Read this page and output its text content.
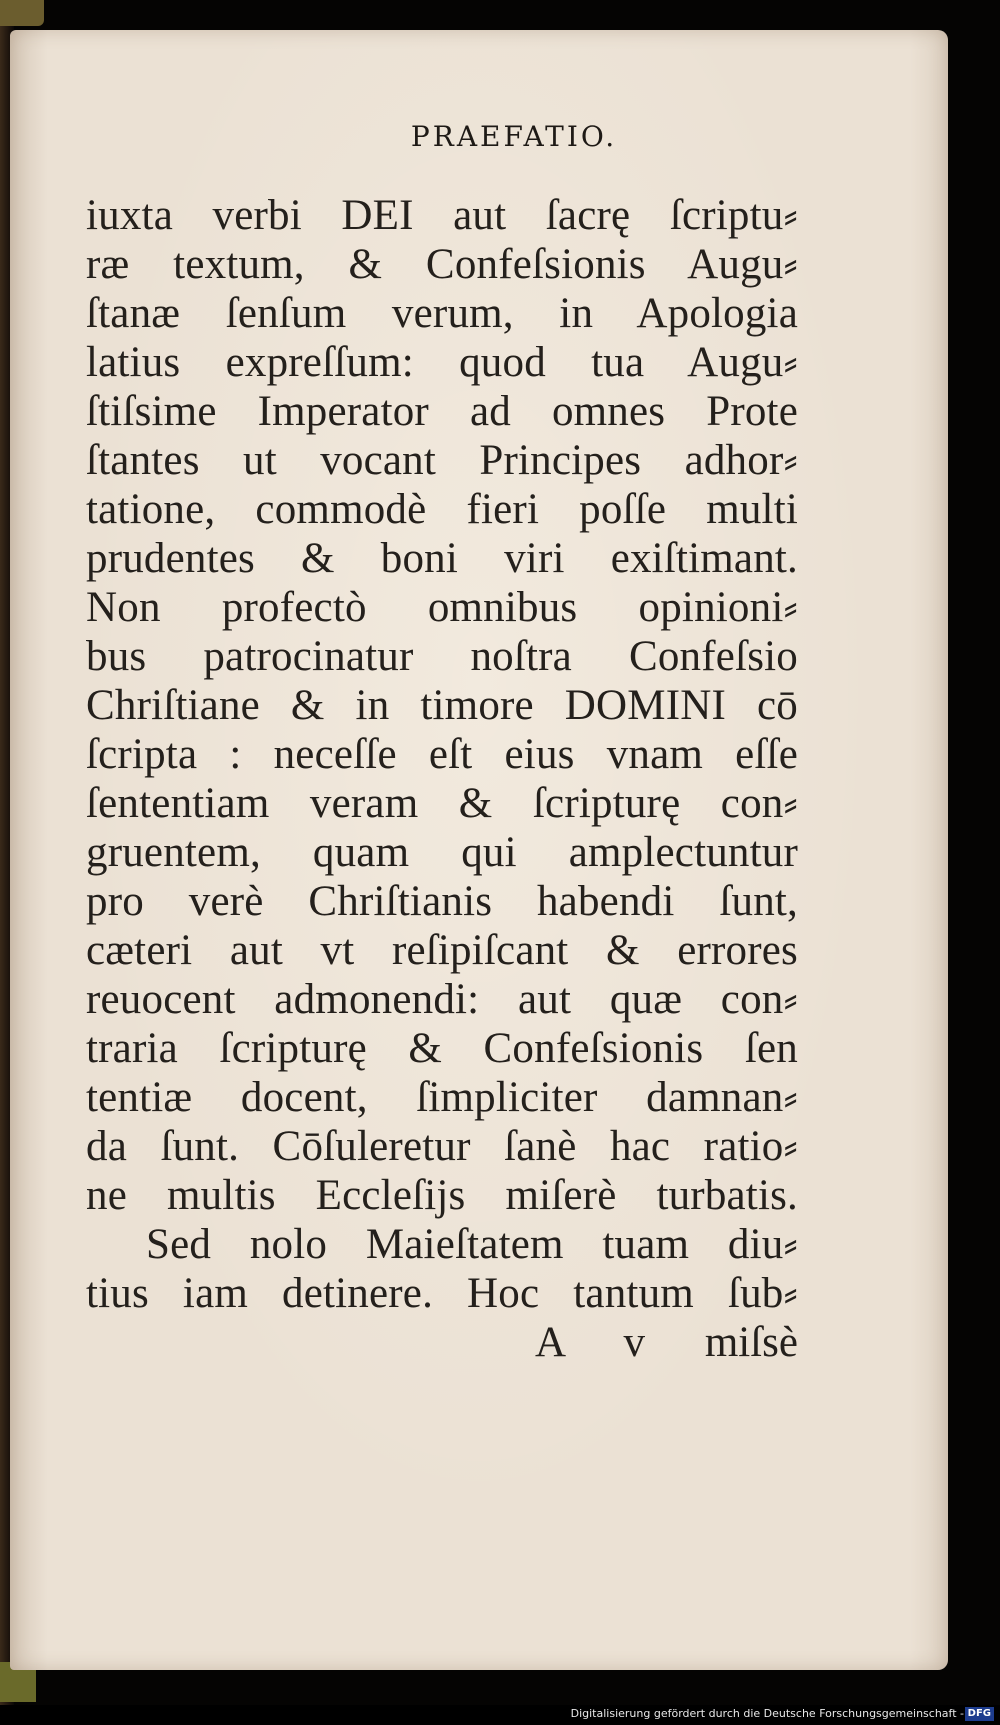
PRAEFATIO.
iuxta verbi DEI aut ſacrę ſcriptu⸗
ræ textum, & Confeſsionis Augu⸗
ſtanæ ſenſum verum, in Apologia
latius expreſſum: quod tua Augu⸗
ſtiſsime Imperator ad omnes Prote
ſtantes ut vocant Principes adhor⸗
tatione, commodè fieri poſſe multi
prudentes & boni viri exiſtimant.
Non profectò omnibus opinioni⸗
bus patrocinatur noſtra Confeſsio
Chriſtiane & in timore DOMINI cō
ſcripta : neceſſe eſt eius vnam eſſe
ſententiam veram & ſcripturę con⸗
gruentem, quam qui amplectuntur
pro verè Chriſtianis habendi ſunt,
cæteri aut vt reſipiſcant & errores
reuocent admonendi: aut quæ con⸗
traria ſcripturę & Confeſsionis ſen
tentiæ docent, ſimpliciter damnan⸗
da ſunt. Cōſuleretur ſanè hac ratio⸗
ne multis Eccleſijs miſerè turbatis.
Sed nolo Maieſtatem tuam diu⸗
tius iam detinere. Hoc tantum ſub⸗
A v miſsè
Digitalisierung gefördert durch die Deutsche Forschungsgemeinschaft - DFG
